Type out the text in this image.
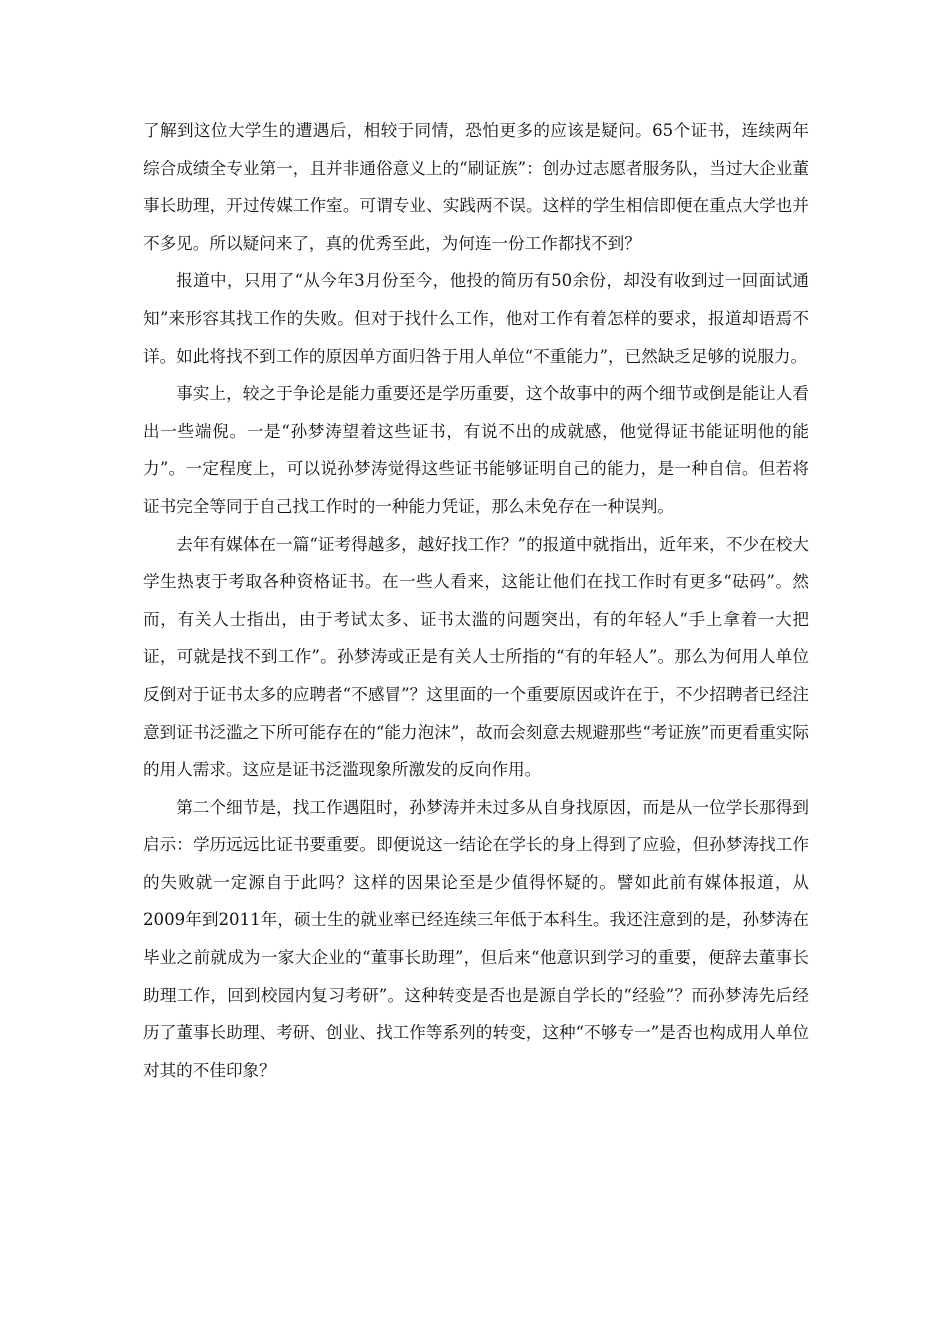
了解到这位大学生的遭遇后，相较于同情，恐怕更多的应该是疑问。65个证书，连续两年综合成绩全专业第一，且并非通俗意义上的“刷证族”：创办过志愿者服务队，当过大企业董事长助理，开过传媒工作室。可谓专业、实践两不误。这样的学生相信即便在重点大学也并不多见。所以疑问来了，真的优秀至此，为何连一份工作都找不到？

报道中，只用了“从今年3月份至今，他投的简历有50余份，却没有收到过一回面试通知”来形容其找工作的失败。但对于找什么工作，他对工作有着怎样的要求，报道却语焉不详。如此将找不到工作的原因单方面归咎于用人单位“不重能力”，已然缺乏足够的说服力。

事实上，较之于争论是能力重要还是学历重要，这个故事中的两个细节或倒是能让人看出一些端倪。一是“孙梦涛望着这些证书，有说不出的成就感，他觉得证书能证明他的能力”。一定程度上，可以说孙梦涛觉得这些证书能够证明自己的能力，是一种自信。但若将证书完全等同于自己找工作时的一种能力凭证，那么未免存在一种误判。

去年有媒体在一篇“证考得越多，越好找工作？”的报道中就指出，近年来，不少在校大学生热衷于考取各种资格证书。在一些人看来，这能让他们在找工作时有更多“砝码”。然而，有关人士指出，由于考试太多、证书太滥的问题突出，有的年轻人“手上拿着一大把证，可就是找不到工作”。孙梦涛或正是有关人士所指的“有的年轻人”。那么为何用人单位反倒对于证书太多的应聘者“不感冒”？这里面的一个重要原因或许在于，不少招聘者已经注意到证书泛滥之下所可能存在的“能力泡沫”，故而会刻意去规避那些“考证族”而更看重实际的用人需求。这应是证书泛滥现象所激发的反向作用。

第二个细节是，找工作遇阻时，孙梦涛并未过多从自身找原因，而是从一位学长那得到启示：学历远远比证书要重要。即便说这一结论在学长的身上得到了应验，但孙梦涛找工作的失败就一定源自于此吗？这样的因果论至是少值得怀疑的。譬如此前有媒体报道，从2009年到2011年，硕士生的就业率已经连续三年低于本科生。我还注意到的是，孙梦涛在毕业之前就成为一家大企业的“董事长助理”，但后来“他意识到学习的重要，便辞去董事长助理工作，回到校园内复习考研”。这种转变是否也是源自学长的“经验”？而孙梦涛先后经历了董事长助理、考研、创业、找工作等系列的转变，这种“不够专一”是否也构成用人单位对其的不佳印象？
